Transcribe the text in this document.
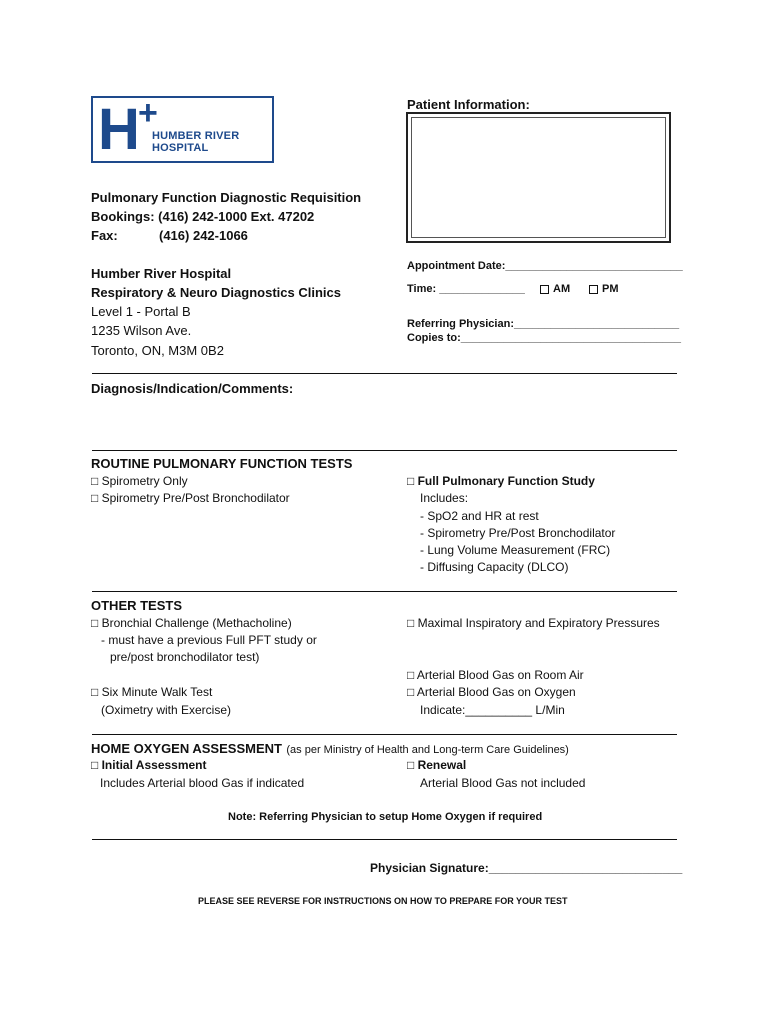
H +
HUMBER RIVER
HOSPITAL
Patient Information:
Pulmonary Function Diagnostic Requisition
Bookings: (416) 242-1000 Ext. 47202
Fax:	(416) 242-1066
Humber River Hospital
Respiratory & Neuro Diagnostics Clinics
Level 1 - Portal B
1235 Wilson Ave.
Toronto, ON, M3M 0B2
Appointment Date:_____________________________
Time: ______________	AM	PM
Referring Physician:___________________________
Copies to:____________________________________
Diagnosis/Indication/Comments:
ROUTINE PULMONARY FUNCTION TESTS
□ Spirometry Only
□ Spirometry Pre/Post Bronchodilator
□ Full Pulmonary Function Study
Includes:
- SpO2 and HR at rest
- Spirometry Pre/Post Bronchodilator
- Lung Volume Measurement (FRC)
- Diffusing Capacity (DLCO)
OTHER TESTS
□ Bronchial Challenge (Methacholine)
- must have a previous Full PFT study or
pre/post bronchodilator test)
□ Maximal Inspiratory and Expiratory Pressures
□ Arterial Blood Gas on Room Air
□ Arterial Blood Gas on Oxygen
Indicate:__________ L/Min
□ Six Minute Walk Test
(Oximetry with Exercise)
HOME OXYGEN ASSESSMENT (as per Ministry of Health and Long-term Care Guidelines)
□ Initial Assessment
Includes Arterial blood Gas if indicated
□ Renewal
Arterial Blood Gas not included
Note: Referring Physician to setup Home Oxygen if required
Physician Signature:_____________________________
PLEASE SEE REVERSE FOR INSTRUCTIONS ON HOW TO PREPARE FOR YOUR TEST
